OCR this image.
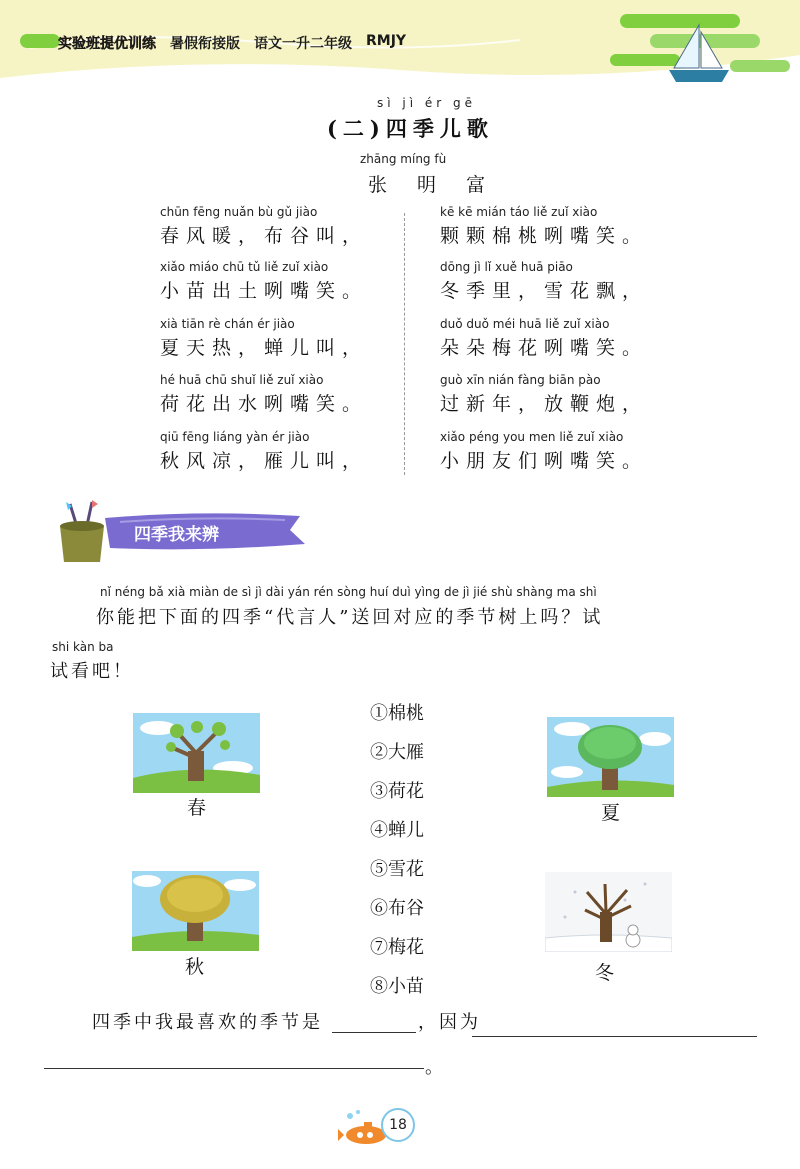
实验班提优训练 暑假衔接版 语文一升二年级 RMJY
sì jì ér gē
(二)四季儿歌
zhāng míng fù
张 明 富
chūn fēng nuǎn bù gǔ jiào
春风暖，布谷叫，
xiǎo miáo chū tǔ liě zuǐ xiào
小苗出土咧嘴笑。
xià tiān rè chán ér jiào
夏天热，蝉儿叫，
hé huā chū shuǐ liě zuǐ xiào
荷花出水咧嘴笑。
qiū fēng liáng yàn ér jiào
秋风凉，雁儿叫，
kē kē mián táo liě zuǐ xiào
颗颗棉桃咧嘴笑。
dōng jì lǐ xuě huā piāo
冬季里，雪花飘，
duǒ duǒ méi huā liě zuǐ xiào
朵朵梅花咧嘴笑。
guò xīn nián fàng biān pào
过新年，放鞭炮，
xiǎo péng you men liě zuǐ xiào
小朋友们咧嘴笑。
四季我来辨
nǐ néng bǎ xià miàn de sì jì dài yán rén sòng huí duì yìng de jì jié shù shàng ma shì
你能把下面的四季“代言人”送回对应的季节树上吗？试
shi kàn ba
试看吧！
春	夏
秋	冬
①棉桃
②大雁
③荷花
④蝉儿
⑤雪花
⑥布谷
⑦梅花
⑧小苗
四季中我最喜欢的季节是	，因为
。
18
